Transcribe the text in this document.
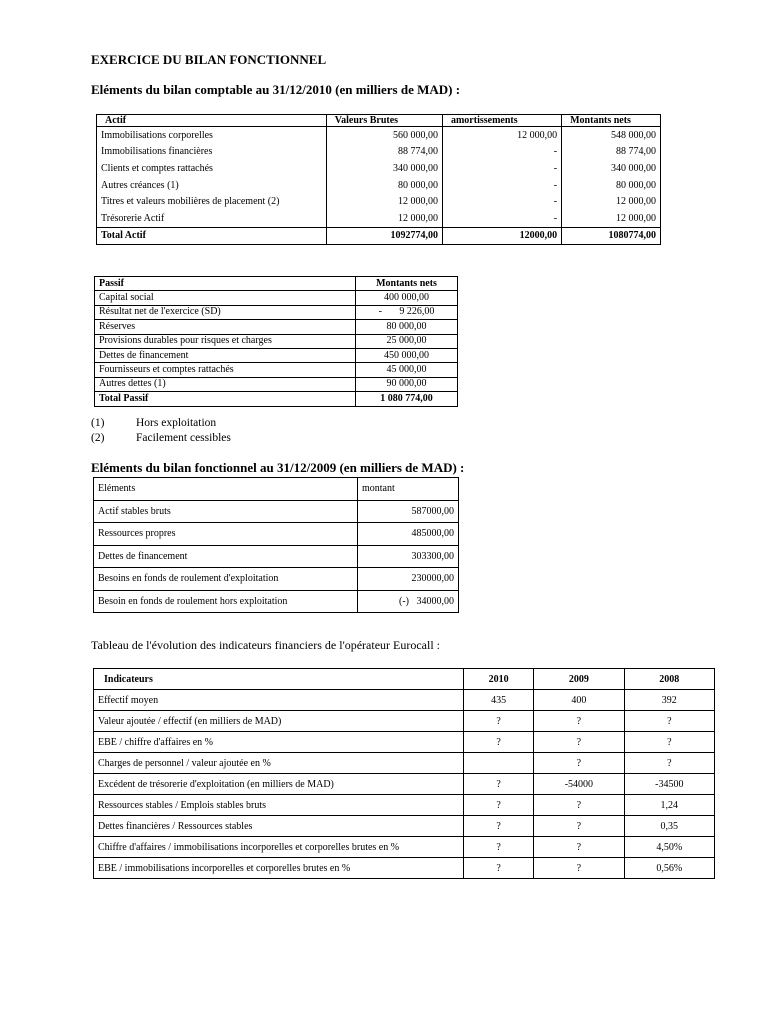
EXERCICE DU BILAN FONCTIONNEL
Eléments du bilan comptable au 31/12/2010 (en milliers de MAD) :
Actif	Valeurs Brutes	amortissements	Montants nets
Immobilisations corporelles	560 000,00	12 000,00	548 000,00
Immobilisations financières	88 774,00	-	88 774,00
Clients et comptes rattachés	340 000,00	-	340 000,00
Autres créances (1)	80 000,00	-	80 000,00
Titres et valeurs mobilières de placement (2)	12 000,00	-	12 000,00
Trésorerie Actif	12 000,00	-	12 000,00
Total Actif	1092774,00	12000,00	1080774,00
Passif	Montants nets
Capital social	400 000,00
Résultat net de l'exercice (SD)	-       9 226,00
Réserves	80 000,00
Provisions durables pour risques et charges	25 000,00
Dettes de financement	450 000,00
Fournisseurs et comptes rattachés	45 000,00
Autres dettes (1)	90 000,00
Total Passif	1 080 774,00
(1)	Hors exploitation
(2)	Facilement cessibles
Eléments du bilan fonctionnel au 31/12/2009 (en milliers de MAD) :
Eléments	montant
Actif stables bruts	587000,00
Ressources propres	485000,00
Dettes de financement	303300,00
Besoins en fonds de roulement d'exploitation	230000,00
Besoin en fonds de roulement hors exploitation	(-)   34000,00
Tableau de l'évolution des indicateurs financiers de l'opérateur Eurocall :
Indicateurs	2010	2009	2008
Effectif moyen	435	400	392
Valeur ajoutée / effectif (en milliers de MAD)	?	?	?
EBE / chiffre d'affaires en %	?	?	?
Charges de personnel / valeur ajoutée en %		?	?
Excédent de trésorerie d'exploitation (en milliers de MAD)	?	-54000	-34500
Ressources stables / Emplois stables bruts	?	?	1,24
Dettes financières / Ressources stables	?	?	0,35
Chiffre d'affaires / immobilisations incorporelles et corporelles brutes en %	?	?	4,50%
EBE / immobilisations incorporelles et corporelles brutes en %	?	?	0,56%
